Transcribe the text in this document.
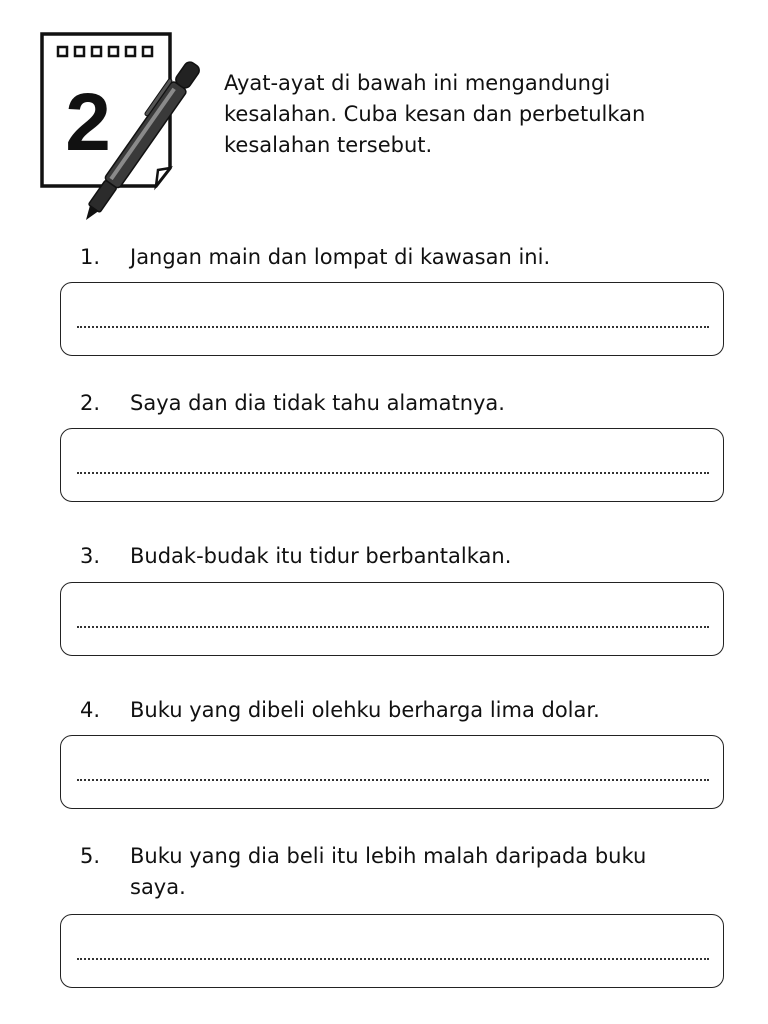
2	Ayat-ayat di bawah ini mengandungi kesalahan. Cuba kesan dan perbetulkan kesalahan tersebut.

1.	Jangan main dan lompat di kawasan ini.
2.	Saya dan dia tidak tahu alamatnya.
3.	Budak-budak itu tidur berbantalkan.
4.	Buku yang dibeli olehku berharga lima dolar.
5.	Buku yang dia beli itu lebih malah daripada buku saya.
